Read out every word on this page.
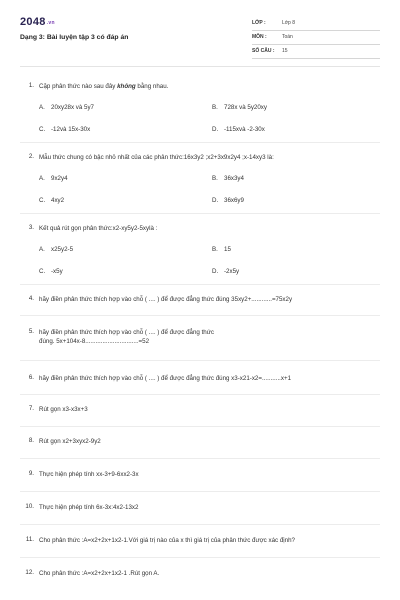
2048.vn
Dạng 3: Bài luyện tập 3 có đáp án
LỚP :	Lớp 8
MÔN :	Toán
SỐ CÂU : 15
1. Cặp phân thức nào sau đây không bằng nhau.
A. 20xy28x và 5y7	B. 728x và 5y20xy
C. -12và 15x-30x	D. -115xvà -2-30x
2. Mẫu thức chung có bậc nhỏ nhất của các phân thức:16x3y2 ;x2+3x9x2y4 ;x-14xy3 là:
A. 9x2y4	B. 36x3y4
C. 4xy2	D. 36x6y9
3. Kết quả rút gọn phân thức:x2-xy5y2-5xylà :
A. x25y2-5	B. 15
C. -x5y	D. -2x5y
4. hãy điền phân thức thích hợp vào chỗ ( .... ) để được đẳng thức đúng 35xy2+............=75x2y
5. hãy điền phân thức thích hợp vào chỗ ( .... ) để được đẳng thức
đúng. 5x+104x-8...............................=52
6. hãy điền phân thức thích hợp vào chỗ ( .... ) để được đẳng thức đúng x3-x21-x2=...........x+1
7. Rút gọn x3-x3x+3
8. Rút gọn x2+3xyx2-9y2
9. Thực hiện phép tính xx-3+9-6xx2-3x
10. Thực hiện phép tính 6x-3x:4x2-13x2
11. Cho phân thức :A=x2+2x+1x2-1.Với giá trị nào của x thì giá trị của phân thức được xác định?
12. Cho phân thức :A=x2+2x+1x2-1 .Rút gọn A.
